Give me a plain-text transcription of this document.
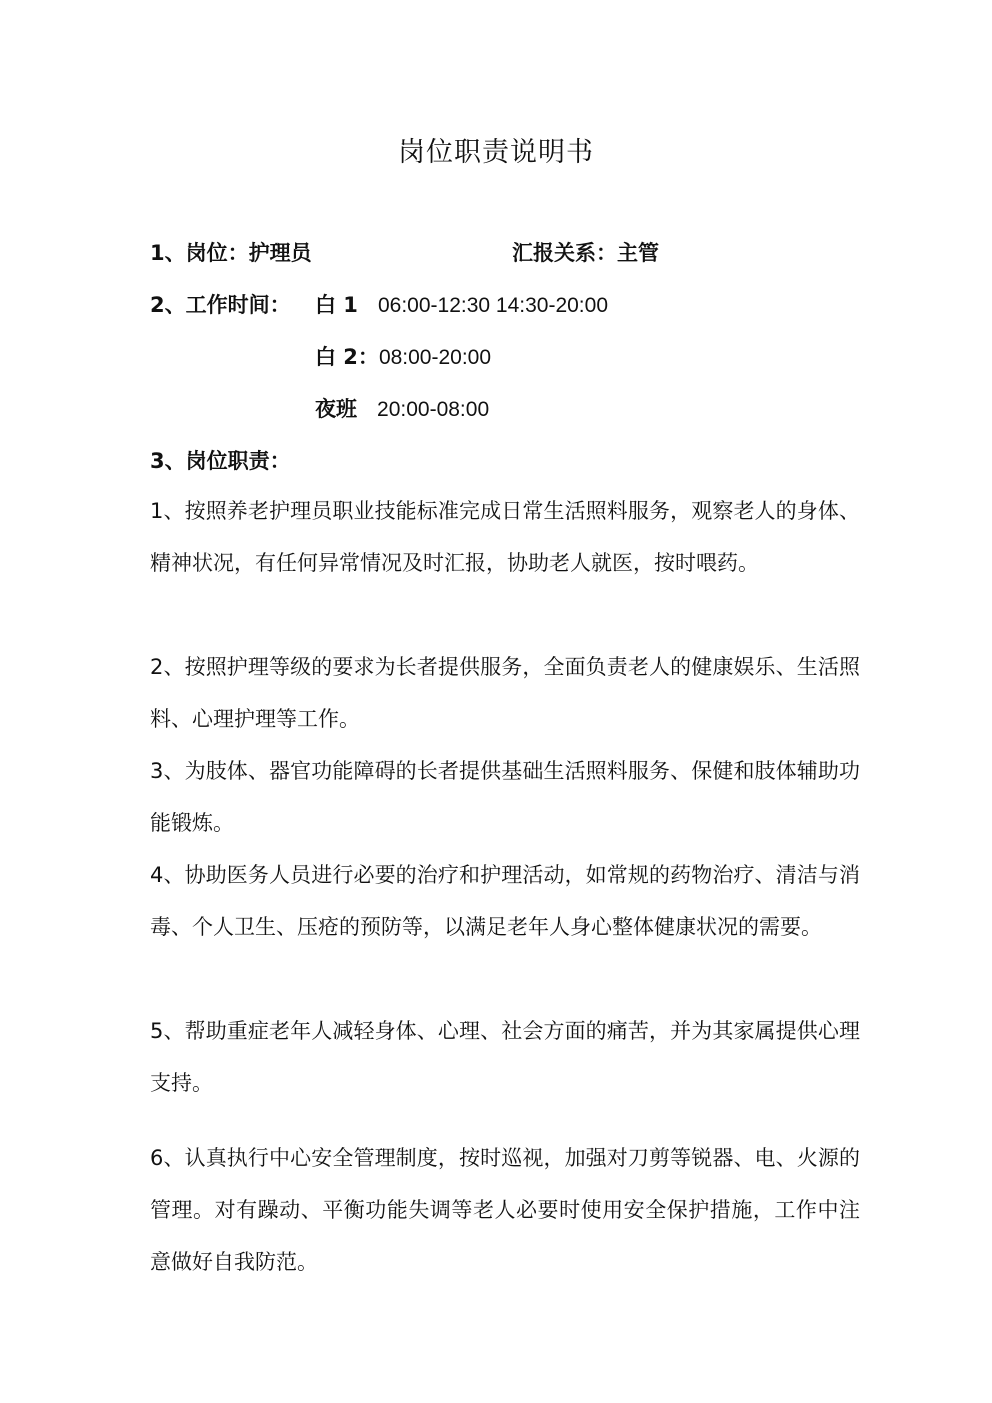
岗位职责说明书
1、岗位：护理员	汇报关系：主管
2、工作时间： 白 1 06:00-12:30 14:30-20:00
白 2：08:00-20:00
夜班 20:00-08:00
3、岗位职责：
1、按照养老护理员职业技能标准完成日常生活照料服务，观察老人的身体、精神状况，有任何异常情况及时汇报，协助老人就医，按时喂药。
2、按照护理等级的要求为长者提供服务，全面负责老人的健康娱乐、生活照料、心理护理等工作。
3、为肢体、器官功能障碍的长者提供基础生活照料服务、保健和肢体辅助功能锻炼。
4、协助医务人员进行必要的治疗和护理活动，如常规的药物治疗、清洁与消毒、个人卫生、压疮的预防等，以满足老年人身心整体健康状况的需要。
5、帮助重症老年人减轻身体、心理、社会方面的痛苦，并为其家属提供心理支持。
6、认真执行中心安全管理制度，按时巡视，加强对刀剪等锐器、电、火源的管理。对有躁动、平衡功能失调等老人必要时使用安全保护措施，工作中注意做好自我防范。
